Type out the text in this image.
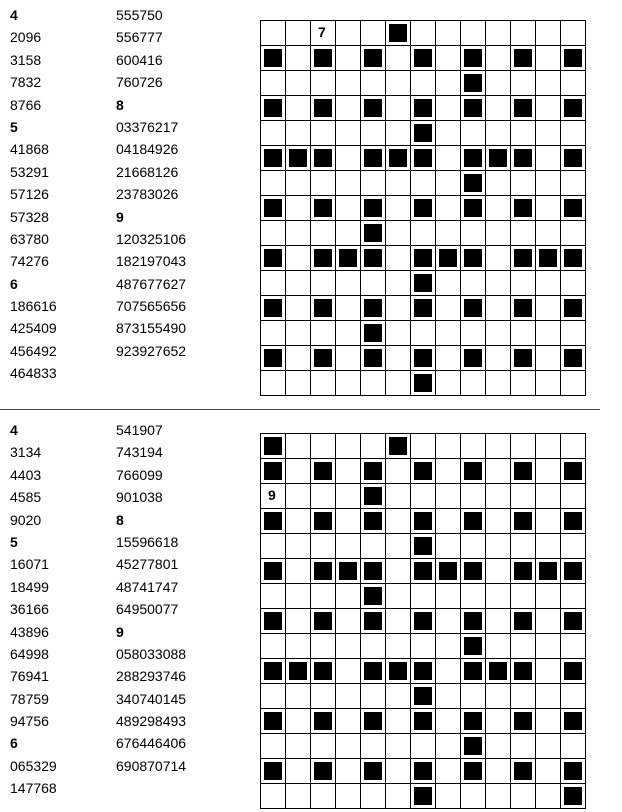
4
2096
3158
7832
8766
5
41868
53291
57126
57328
63780
74276
6
186616
425409
456492
464833
555750
556777
600416
760726
8
03376217
04184926
21668126
23783026
9
120325106
182197043
487677627
707565656
873155490
923927652
7
4
3134
4403
4585
9020
5
16071
18499
36166
43896
64998
76941
78759
94756
6
065329
147768
541907
743194
766099
901038
8
15596618
45277801
48741747
64950077
9
058033088
288293746
340740145
489298493
676446406
690870714
9
